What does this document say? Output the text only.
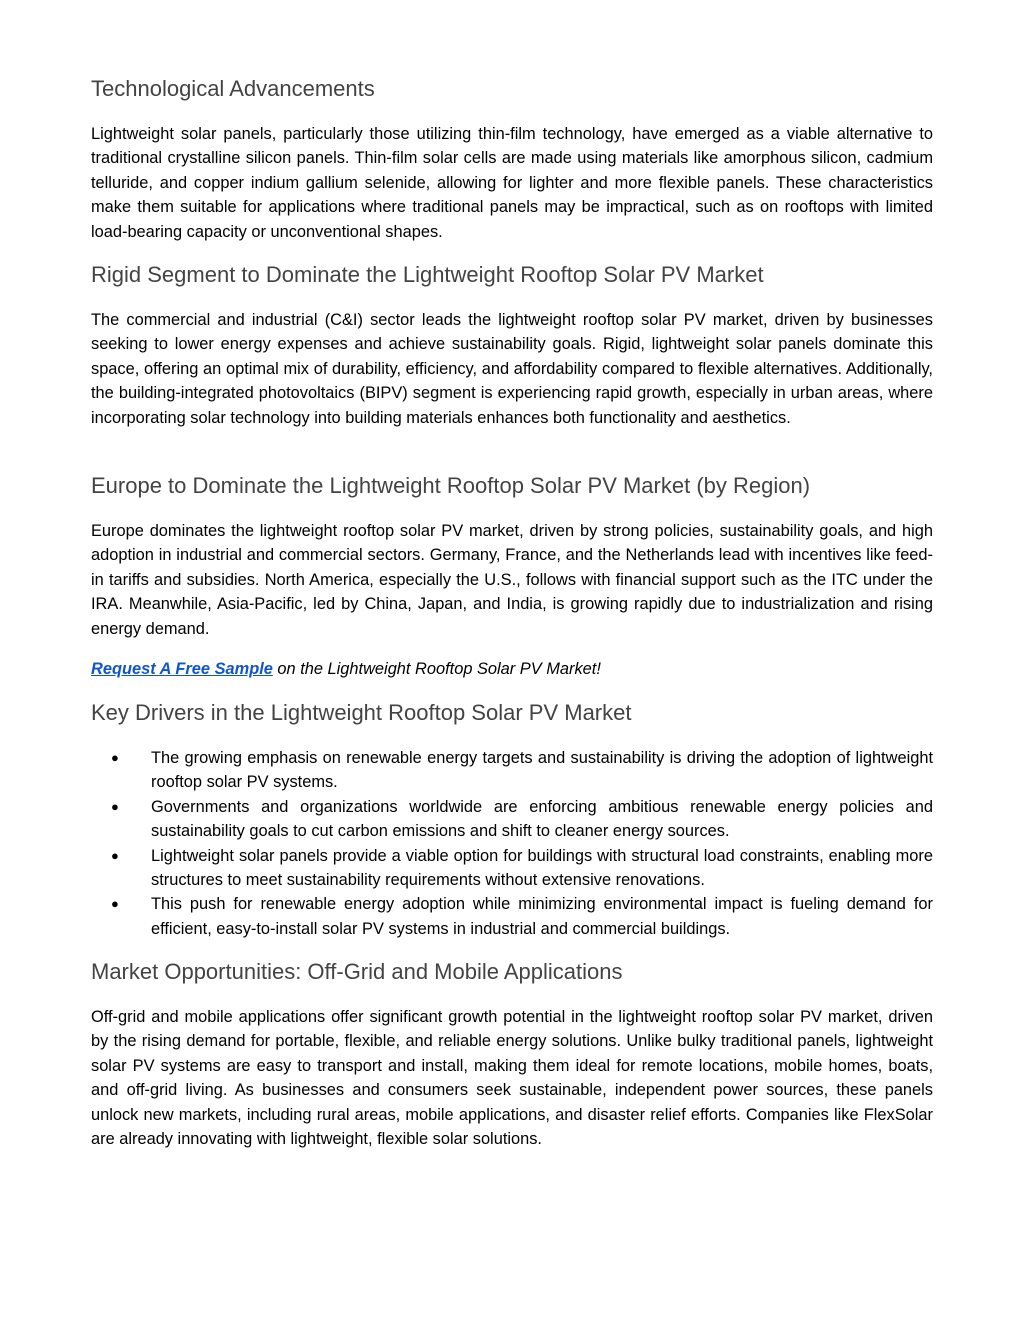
Technological Advancements

Lightweight solar panels, particularly those utilizing thin-film technology, have emerged as a viable alternative to traditional crystalline silicon panels. Thin-film solar cells are made using materials like amorphous silicon, cadmium telluride, and copper indium gallium selenide, allowing for lighter and more flexible panels. These characteristics make them suitable for applications where traditional panels may be impractical, such as on rooftops with limited load-bearing capacity or unconventional shapes.

Rigid Segment to Dominate the Lightweight Rooftop Solar PV Market

The commercial and industrial (C&I) sector leads the lightweight rooftop solar PV market, driven by businesses seeking to lower energy expenses and achieve sustainability goals. Rigid, lightweight solar panels dominate this space, offering an optimal mix of durability, efficiency, and affordability compared to flexible alternatives. Additionally, the building-integrated photovoltaics (BIPV) segment is experiencing rapid growth, especially in urban areas, where incorporating solar technology into building materials enhances both functionality and aesthetics.

Europe to Dominate the Lightweight Rooftop Solar PV Market (by Region)

Europe dominates the lightweight rooftop solar PV market, driven by strong policies, sustainability goals, and high adoption in industrial and commercial sectors. Germany, France, and the Netherlands lead with incentives like feed-in tariffs and subsidies. North America, especially the U.S., follows with financial support such as the ITC under the IRA. Meanwhile, Asia-Pacific, led by China, Japan, and India, is growing rapidly due to industrialization and rising energy demand.

Request A Free Sample on the Lightweight Rooftop Solar PV Market!

Key Drivers in the Lightweight Rooftop Solar PV Market
● The growing emphasis on renewable energy targets and sustainability is driving the adoption of lightweight rooftop solar PV systems.
● Governments and organizations worldwide are enforcing ambitious renewable energy policies and sustainability goals to cut carbon emissions and shift to cleaner energy sources.
● Lightweight solar panels provide a viable option for buildings with structural load constraints, enabling more structures to meet sustainability requirements without extensive renovations.
● This push for renewable energy adoption while minimizing environmental impact is fueling demand for efficient, easy-to-install solar PV systems in industrial and commercial buildings.
Market Opportunities: Off-Grid and Mobile Applications

Off-grid and mobile applications offer significant growth potential in the lightweight rooftop solar PV market, driven by the rising demand for portable, flexible, and reliable energy solutions. Unlike bulky traditional panels, lightweight solar PV systems are easy to transport and install, making them ideal for remote locations, mobile homes, boats, and off-grid living. As businesses and consumers seek sustainable, independent power sources, these panels unlock new markets, including rural areas, mobile applications, and disaster relief efforts. Companies like FlexSolar are already innovating with lightweight, flexible solar solutions.
